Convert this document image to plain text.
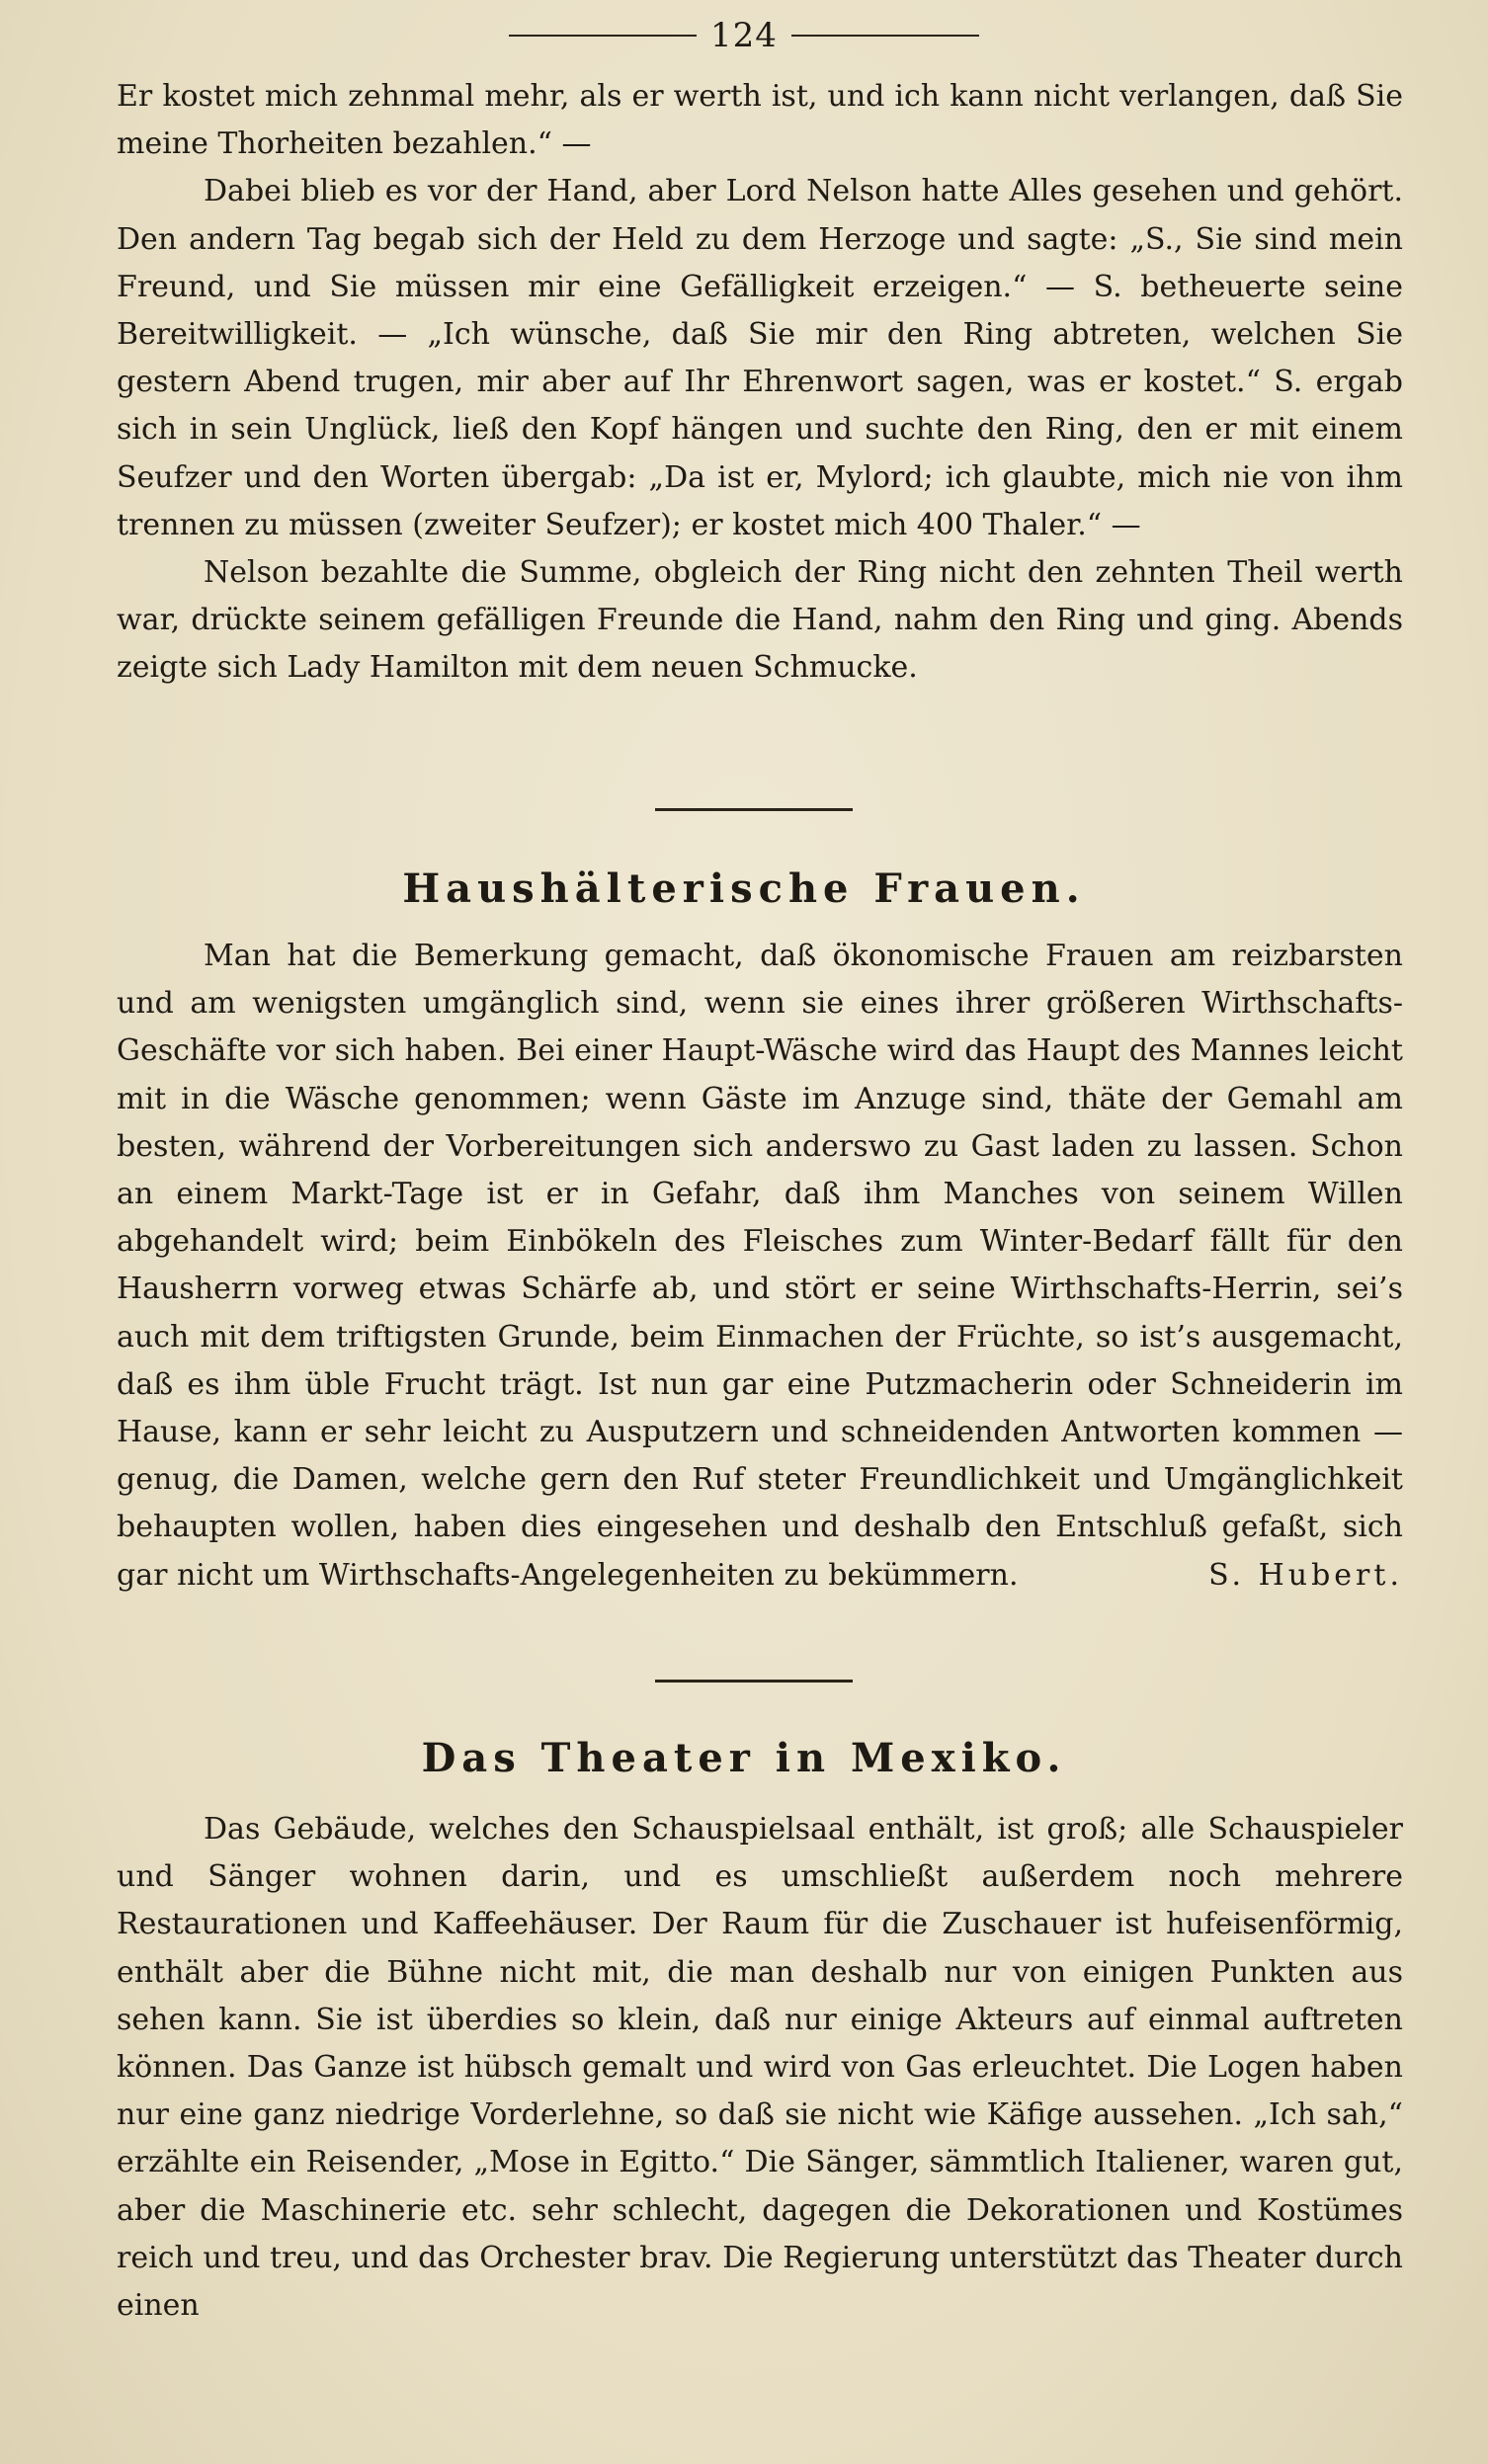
124

Er kostet mich zehnmal mehr, als er werth ist, und ich kann nicht verlangen, daß Sie meine Thorheiten bezahlen.“ —

Dabei blieb es vor der Hand, aber Lord Nelson hatte Alles gesehen und gehört. Den andern Tag begab sich der Held zu dem Herzoge und sagte: „S., Sie sind mein Freund, und Sie müssen mir eine Gefälligkeit erzeigen.“ — S. betheuerte seine Bereitwilligkeit. — „Ich wünsche, daß Sie mir den Ring abtreten, welchen Sie gestern Abend trugen, mir aber auf Ihr Ehrenwort sagen, was er kostet.“ S. ergab sich in sein Unglück, ließ den Kopf hängen und suchte den Ring, den er mit einem Seufzer und den Worten übergab: „Da ist er, Mylord; ich glaubte, mich nie von ihm trennen zu müssen (zweiter Seufzer); er kostet mich 400 Thaler.“ —

Nelson bezahlte die Summe, obgleich der Ring nicht den zehnten Theil werth war, drückte seinem gefälligen Freunde die Hand, nahm den Ring und ging. Abends zeigte sich Lady Hamilton mit dem neuen Schmucke.

Haushälterische Frauen.

Man hat die Bemerkung gemacht, daß ökonomische Frauen am reizbarsten und am wenigsten umgänglich sind, wenn sie eines ihrer größeren Wirthschafts-Geschäfte vor sich haben. Bei einer Haupt-Wäsche wird das Haupt des Mannes leicht mit in die Wäsche genommen; wenn Gäste im Anzuge sind, thäte der Gemahl am besten, während der Vorbereitungen sich anderswo zu Gast laden zu lassen. Schon an einem Markt-Tage ist er in Gefahr, daß ihm Manches von seinem Willen abgehandelt wird; beim Einbökeln des Fleisches zum Winter-Bedarf fällt für den Hausherrn vorweg etwas Schärfe ab, und stört er seine Wirthschafts-Herrin, sei’s auch mit dem triftigsten Grunde, beim Einmachen der Früchte, so ist’s ausgemacht, daß es ihm üble Frucht trägt. Ist nun gar eine Putzmacherin oder Schneiderin im Hause, kann er sehr leicht zu Ausputzern und schneidenden Antworten kommen — genug, die Damen, welche gern den Ruf steter Freundlichkeit und Umgänglichkeit behaupten wollen, haben dies eingesehen und deshalb den Entschluß gefaßt, sich gar nicht um Wirthschafts-Angelegenheiten zu bekümmern.	S. Hubert.

Das Theater in Mexiko.

Das Gebäude, welches den Schauspielsaal enthält, ist groß; alle Schauspieler und Sänger wohnen darin, und es umschließt außerdem noch mehrere Restaurationen und Kaffeehäuser. Der Raum für die Zuschauer ist hufeisenförmig, enthält aber die Bühne nicht mit, die man deshalb nur von einigen Punkten aus sehen kann. Sie ist überdies so klein, daß nur einige Akteurs auf einmal auftreten können. Das Ganze ist hübsch gemalt und wird von Gas erleuchtet. Die Logen haben nur eine ganz niedrige Vorderlehne, so daß sie nicht wie Käfige aussehen. „Ich sah,“ erzählte ein Reisender, „Mose in Egitto.“ Die Sänger, sämmtlich Italiener, waren gut, aber die Maschinerie etc. sehr schlecht, dagegen die Dekorationen und Kostümes reich und treu, und das Orchester brav. Die Regierung unterstützt das Theater durch einen
